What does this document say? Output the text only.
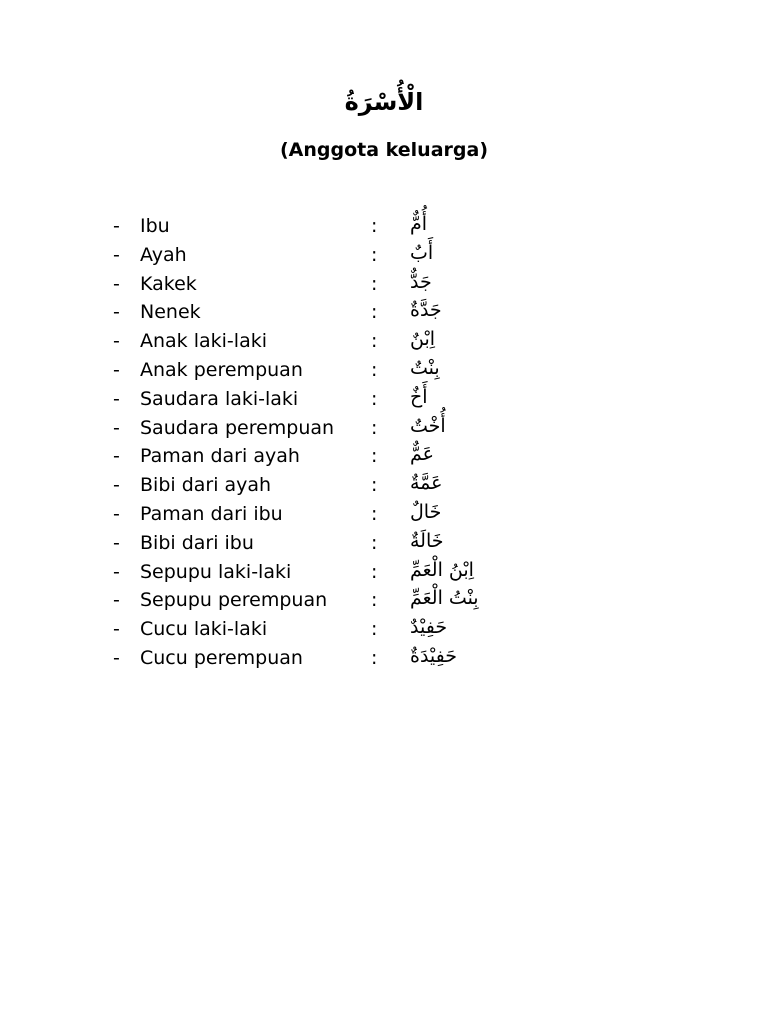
الْأُسْرَةُ
(Anggota keluarga)
- Ibu	: أُمٌّ
- Ayah	: أَبٌ
- Kakek	: جَدٌّ
- Nenek	: جَدَّةٌ
- Anak laki-laki	: اِبْنٌ
- Anak perempuan	: بِنْتٌ
- Saudara laki-laki	: أَخٌ
- Saudara perempuan : أُخْتٌ
- Paman dari ayah	: عَمٌّ
- Bibi dari ayah	: عَمَّةٌ
- Paman dari ibu	: خَالٌ
- Bibi dari ibu	: خَالَةٌ
- Sepupu laki-laki	: اِبْنُ الْعَمِّ
- Sepupu perempuan : بِنْتُ الْعَمِّ
- Cucu laki-laki	: حَفِيْدٌ
- Cucu perempuan	: حَفِيْدَةٌ
